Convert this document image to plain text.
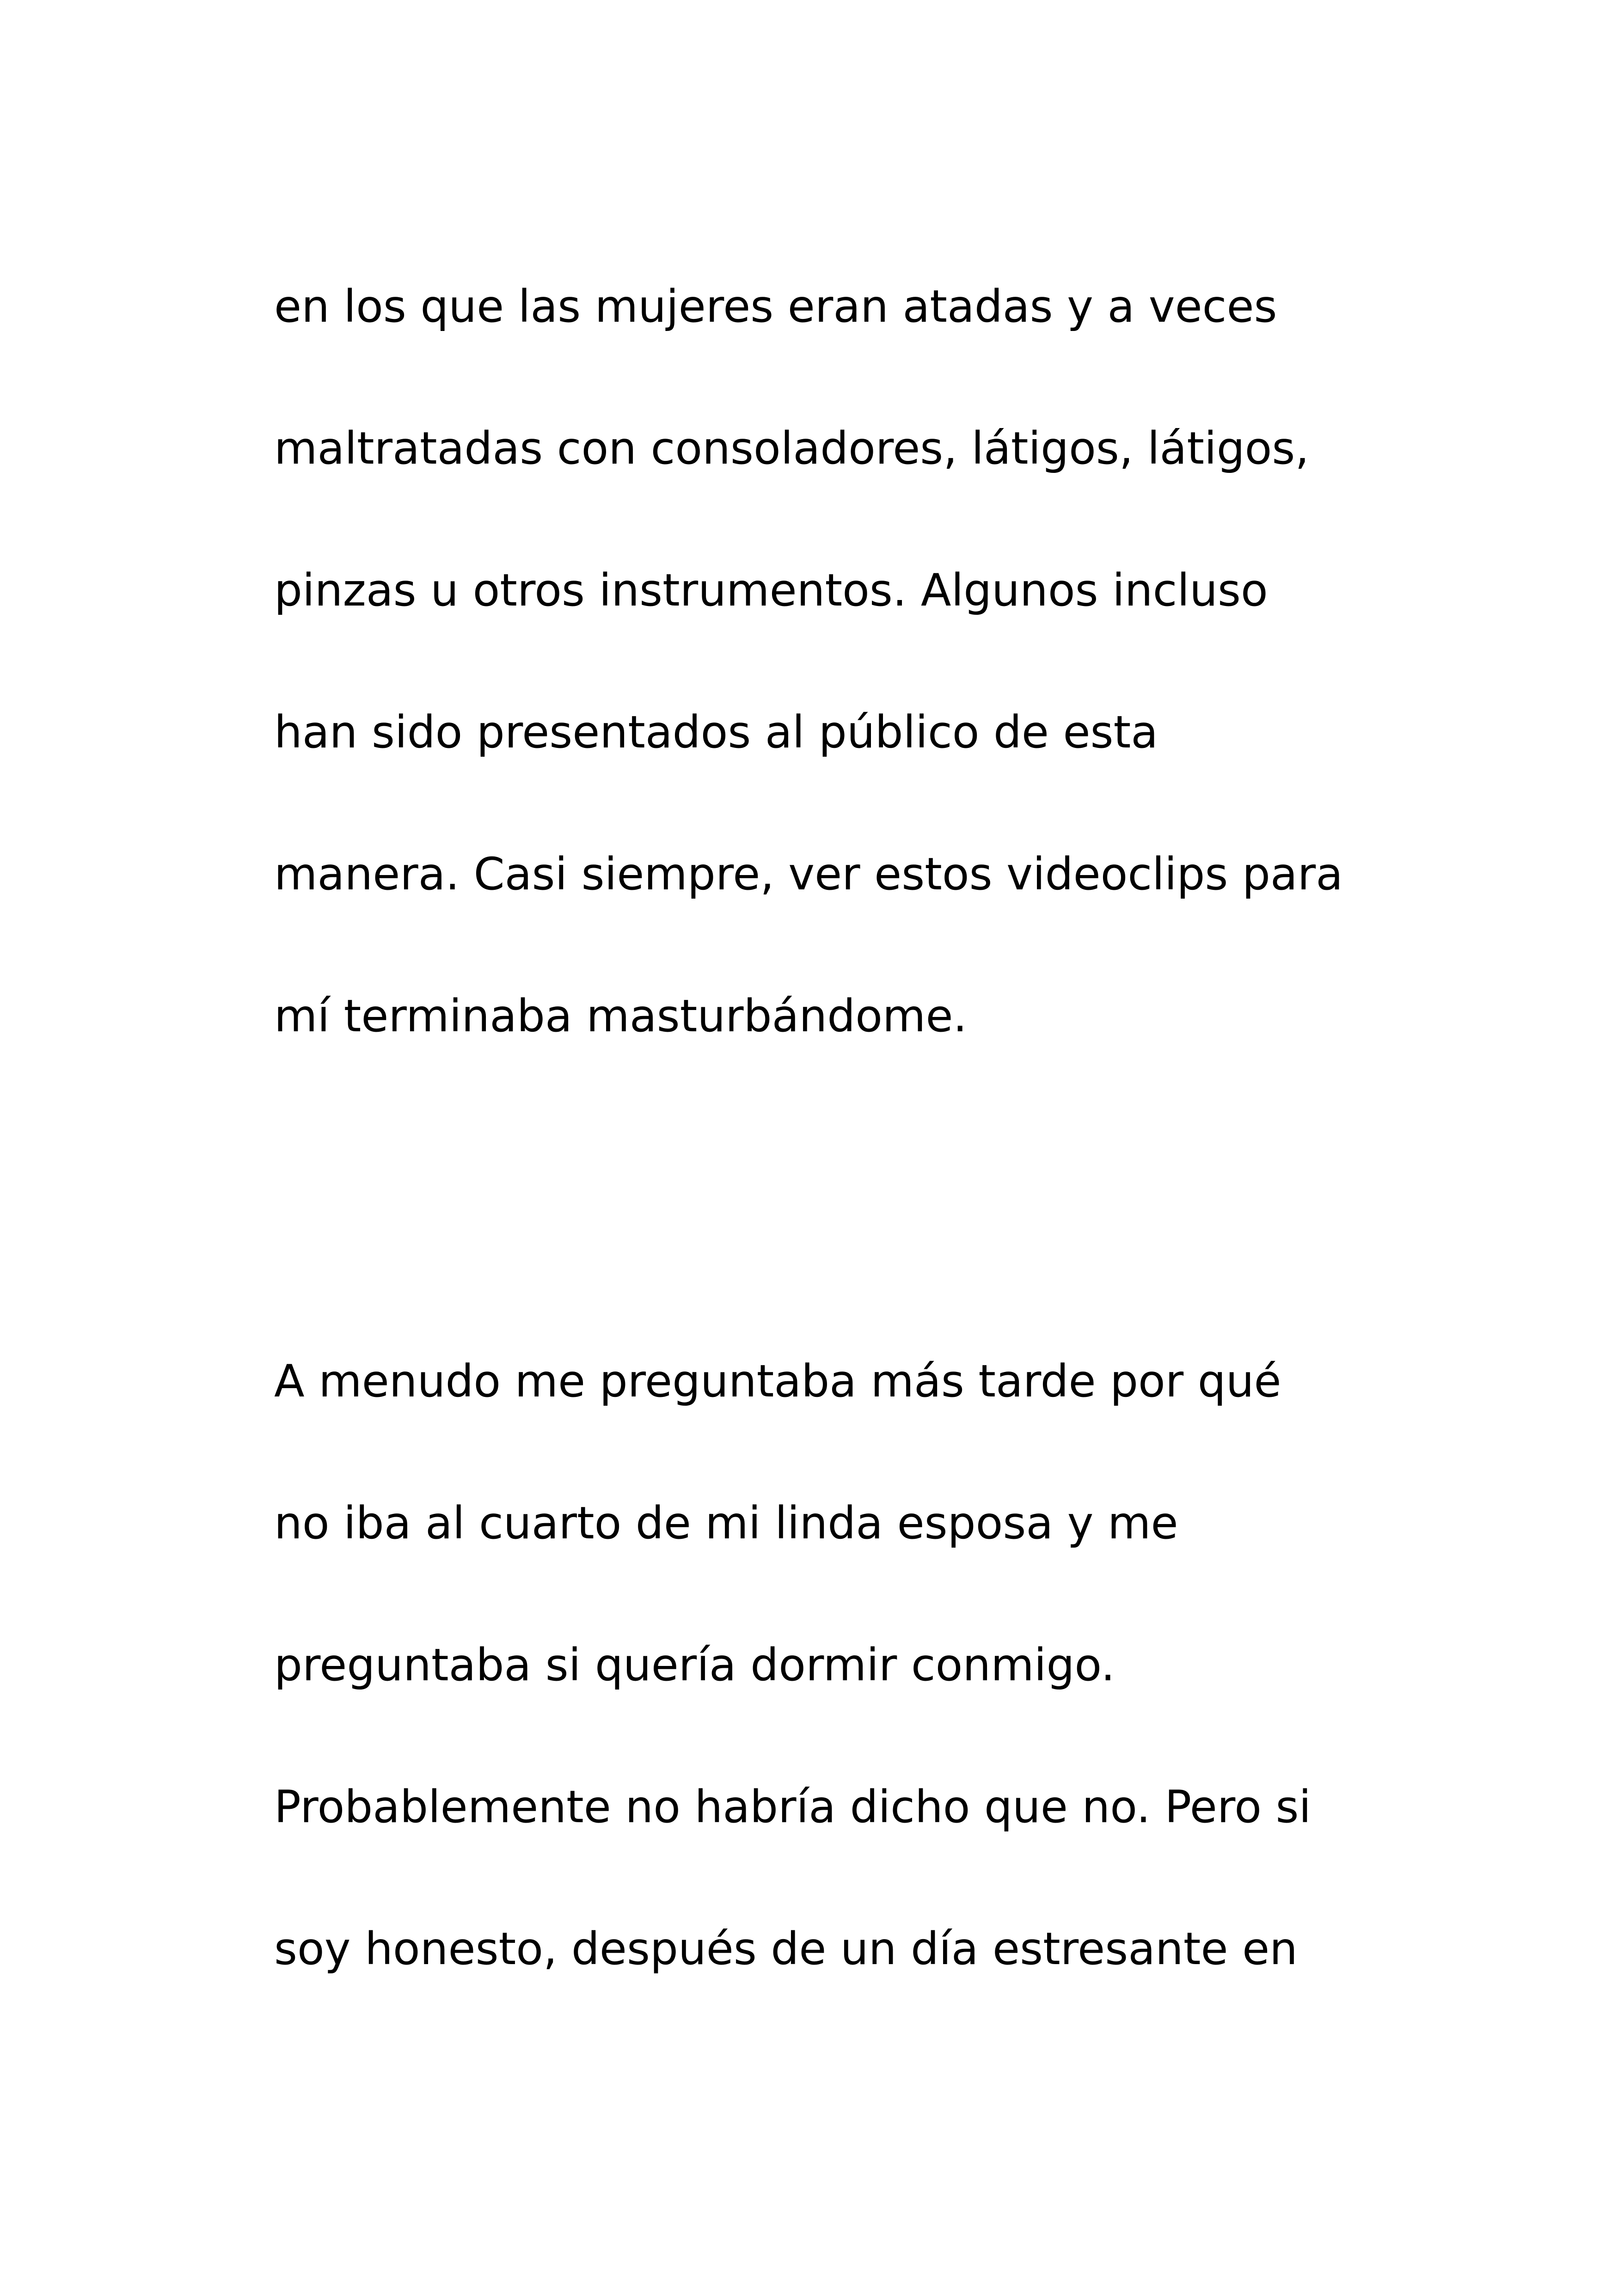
en los que las mujeres eran atadas y a veces

maltratadas con consoladores, látigos, látigos,

pinzas u otros instrumentos. Algunos incluso

han sido presentados al público de esta

manera. Casi siempre, ver estos videoclips para

mí terminaba masturbándome.

A menudo me preguntaba más tarde por qué

no iba al cuarto de mi linda esposa y me

preguntaba si quería dormir conmigo.

Probablemente no habría dicho que no. Pero si

soy honesto, después de un día estresante en
